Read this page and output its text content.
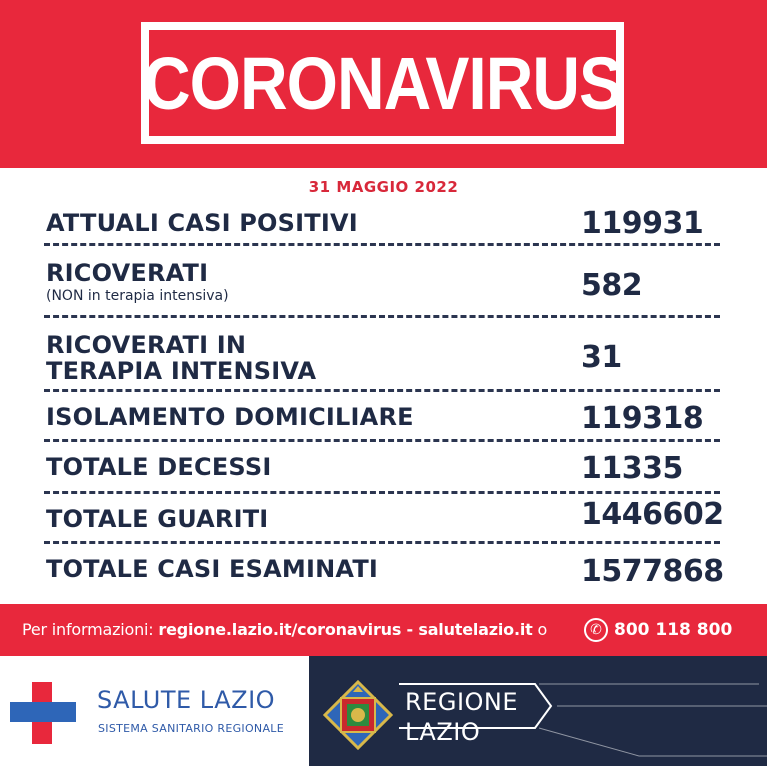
CORONAVIRUS
31 MAGGIO 2022
ATTUALI CASI POSITIVI	119931
RICOVERATI
(NON in terapia intensiva)	582
RICOVERATI IN
TERAPIA INTENSIVA	31
ISOLAMENTO DOMICILIARE	119318
TOTALE DECESSI	11335
TOTALE GUARITI	1446602
TOTALE CASI ESAMINATI	1577868
Per informazioni: regione.lazio.it/coronavirus - salutelazio.it o	✆ 800 118 800
SALUTE LAZIO
SISTEMA SANITARIO REGIONALE
REGIONE
LAZIO
